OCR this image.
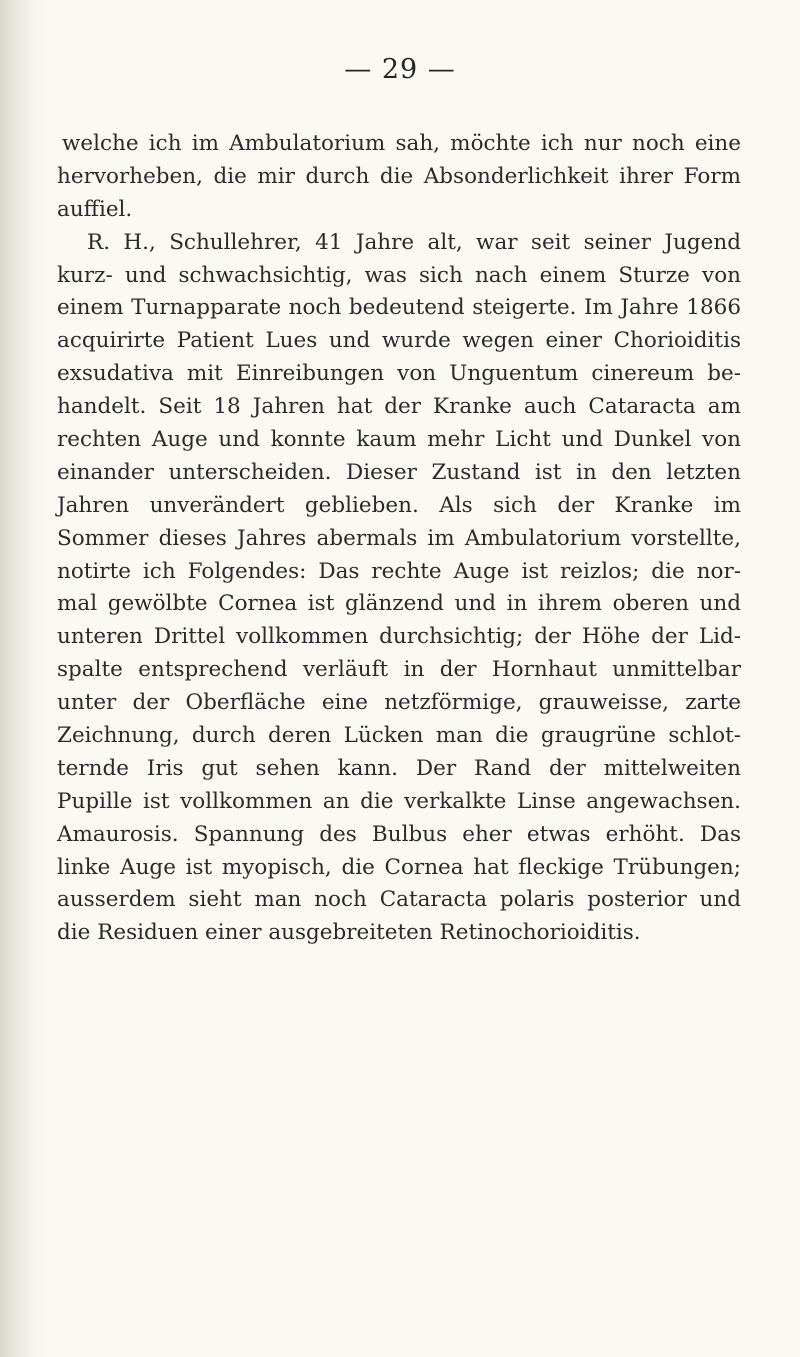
— 29 —
welche ich im Ambulatorium sah, möchte ich nur noch eine
hervorheben, die mir durch die Absonderlichkeit ihrer Form
auffiel.
R. H., Schullehrer, 41 Jahre alt, war seit seiner Jugend
kurz- und schwachsichtig, was sich nach einem Sturze von
einem Turnapparate noch bedeutend steigerte. Im Jahre 1866
acquirirte Patient Lues und wurde wegen einer Chorioiditis
exsudativa mit Einreibungen von Unguentum cinereum be-
handelt. Seit 18 Jahren hat der Kranke auch Cataracta am
rechten Auge und konnte kaum mehr Licht und Dunkel von
einander unterscheiden. Dieser Zustand ist in den letzten
Jahren unverändert geblieben. Als sich der Kranke im
Sommer dieses Jahres abermals im Ambulatorium vorstellte,
notirte ich Folgendes: Das rechte Auge ist reizlos; die nor-
mal gewölbte Cornea ist glänzend und in ihrem oberen und
unteren Drittel vollkommen durchsichtig; der Höhe der Lid-
spalte entsprechend verläuft in der Hornhaut unmittelbar
unter der Oberfläche eine netzförmige, grauweisse, zarte
Zeichnung, durch deren Lücken man die graugrüne schlot-
ternde Iris gut sehen kann. Der Rand der mittelweiten
Pupille ist vollkommen an die verkalkte Linse angewachsen.
Amaurosis. Spannung des Bulbus eher etwas erhöht. Das
linke Auge ist myopisch, die Cornea hat fleckige Trübungen;
ausserdem sieht man noch Cataracta polaris posterior und
die Residuen einer ausgebreiteten Retinochorioiditis.
